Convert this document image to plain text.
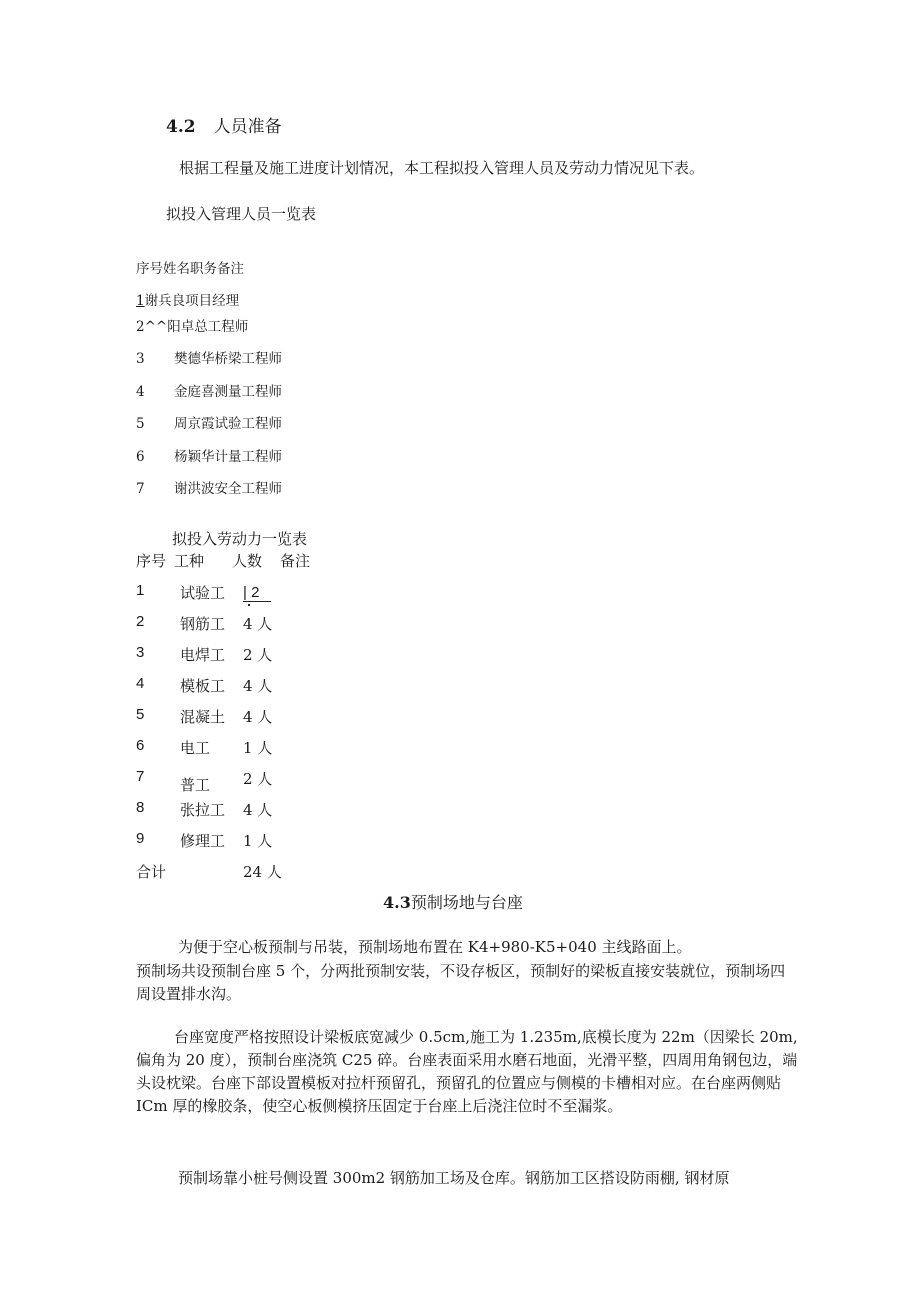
4.2 人员准备
根据工程量及施工进度计划情况，本工程拟投入管理人员及劳动力情况见下表。
拟投入管理人员一览表
序号姓名职务备注
1谢兵良项目经理
2^^阳卓总工程师
3 樊德华桥梁工程师
4 金庭喜测量工程师
5 周京霞试验工程师
6 杨颖华计量工程师
7 谢洪波安全工程师
拟投入劳动力一览表
序号 工种 人数 备注
1 试验工 | 2
2 钢筋工 4 人
3 电焊工 2 人
4 模板工 4 人
5 混凝土 4 人
6 电工 1 人
7 普工 2 人
8 张拉工 4 人
9 修理工 1 人
合计	24 人
4.3预制场地与台座
为便于空心板预制与吊装，预制场地布置在 K4+980-K5+040 主线路面上。
预制场共设预制台座 5 个，分两批预制安装，不设存板区，预制好的梁板直接安装就位，预制场四周设置排水沟。
台座宽度严格按照设计梁板底宽减少 0.5cm,施工为 1.235m,底模长度为 22m（因梁长 20m,偏角为 20 度），预制台座浇筑 C25 碎。台座表面采用水磨石地面，光滑平整，四周用角钢包边，端头设枕梁。台座下部设置模板对拉杆预留孔，预留孔的位置应与侧模的卡槽相对应。在台座两侧贴 ICm 厚的橡胶条，使空心板侧模挤压固定于台座上后浇注位时不至漏浆。
预制场靠小桩号侧设置 300m2 钢筋加工场及仓库。钢筋加工区搭设防雨棚, 钢材原
